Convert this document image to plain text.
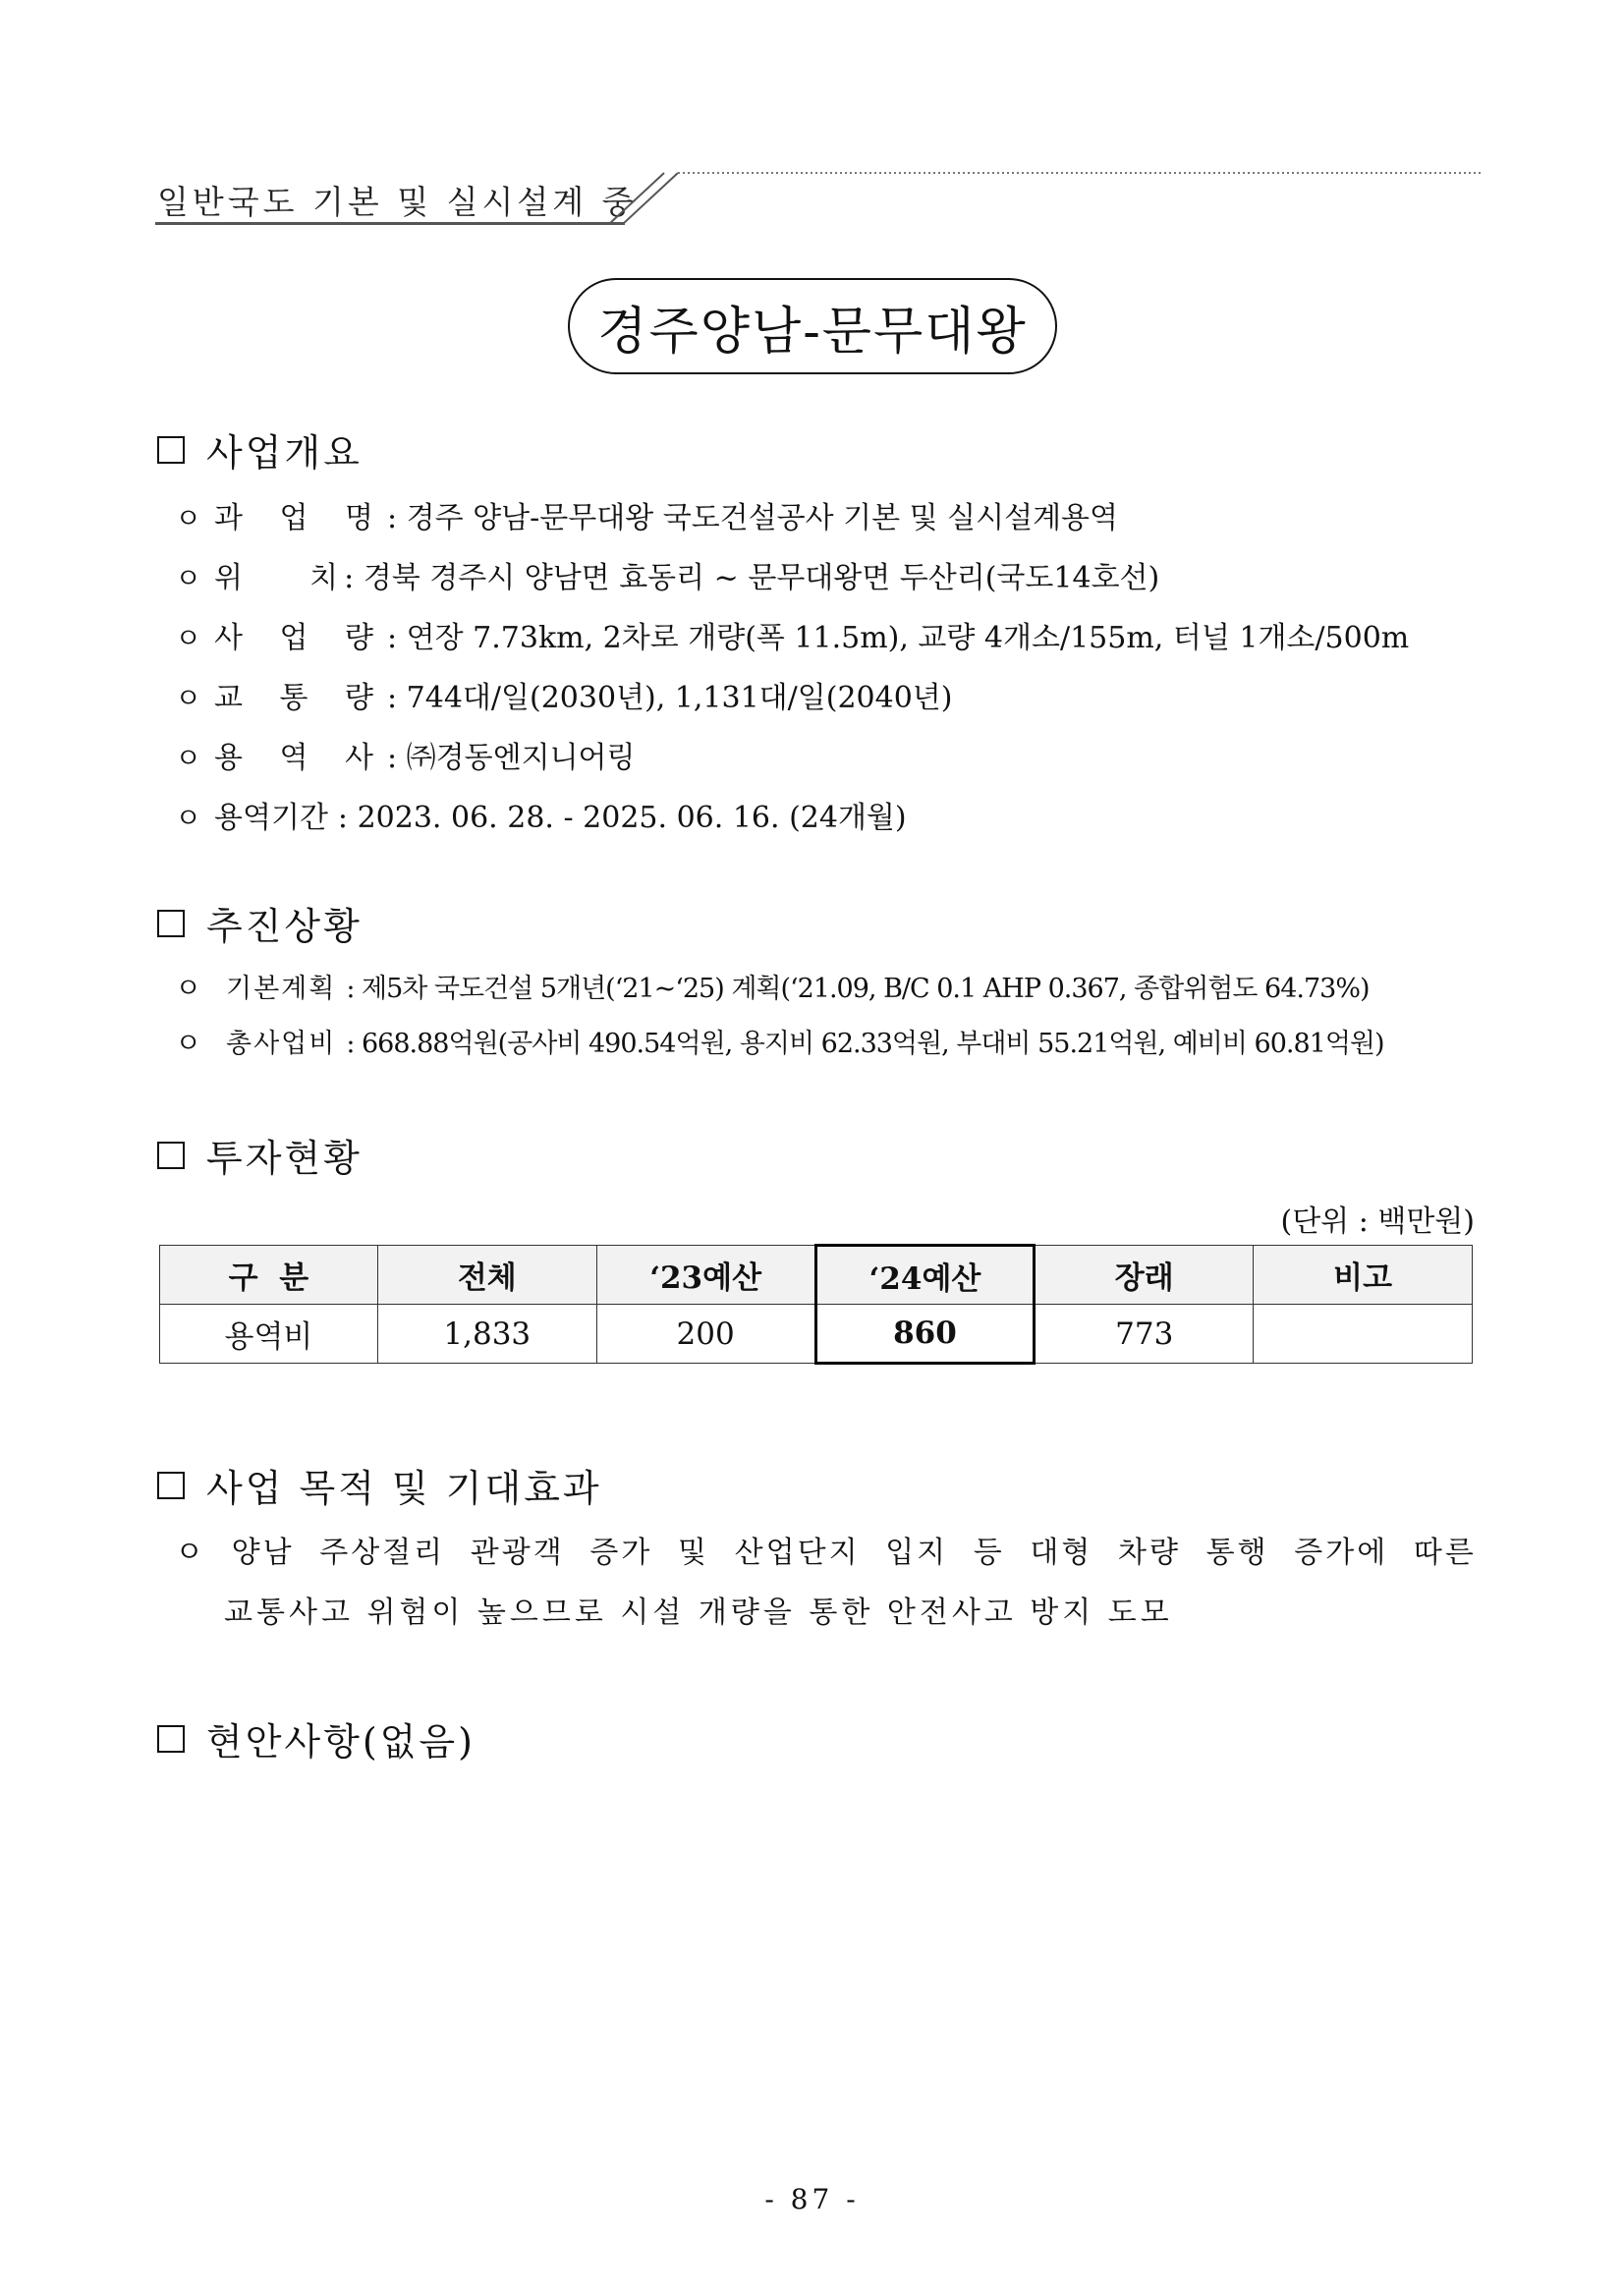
일반국도 기본 및 실시설계 중
경주양남-문무대왕
사업개요
ㅇ 과 업 명 : 경주 양남-문무대왕 국도건설공사 기본 및 실시설계용역
ㅇ 위    치 : 경북 경주시 양남면 효동리 ~ 문무대왕면 두산리(국도14호선)
ㅇ 사 업 량 : 연장 7.73km, 2차로 개량(폭 11.5m), 교량 4개소/155m, 터널 1개소/500m
ㅇ 교 통 량 : 744대/일(2030년), 1,131대/일(2040년)
ㅇ 용 역 사 : ㈜경동엔지니어링
ㅇ 용역기간 : 2023. 06. 28. - 2025. 06. 16. (24개월)
추진상황
ㅇ 기본계획 : 제5차 국도건설 5개년(‘21~‘25) 계획(‘21.09, B/C 0.1 AHP 0.367, 종합위험도 64.73%)
ㅇ 총사업비 : 668.88억원(공사비 490.54억원, 용지비 62.33억원, 부대비 55.21억원, 예비비 60.81억원)
투자현황
(단위 : 백만원)
구  분	전체	‘23예산	‘24예산	장래	비고
용역비	1,833	200	860	773	
사업 목적 및 기대효과
ㅇ 양남 주상절리 관광객 증가 및 산업단지 입지 등 대형 차량 통행 증가에 따른
교통사고 위험이 높으므로 시설 개량을 통한 안전사고 방지 도모
현안사항(없음)
- 87 -
